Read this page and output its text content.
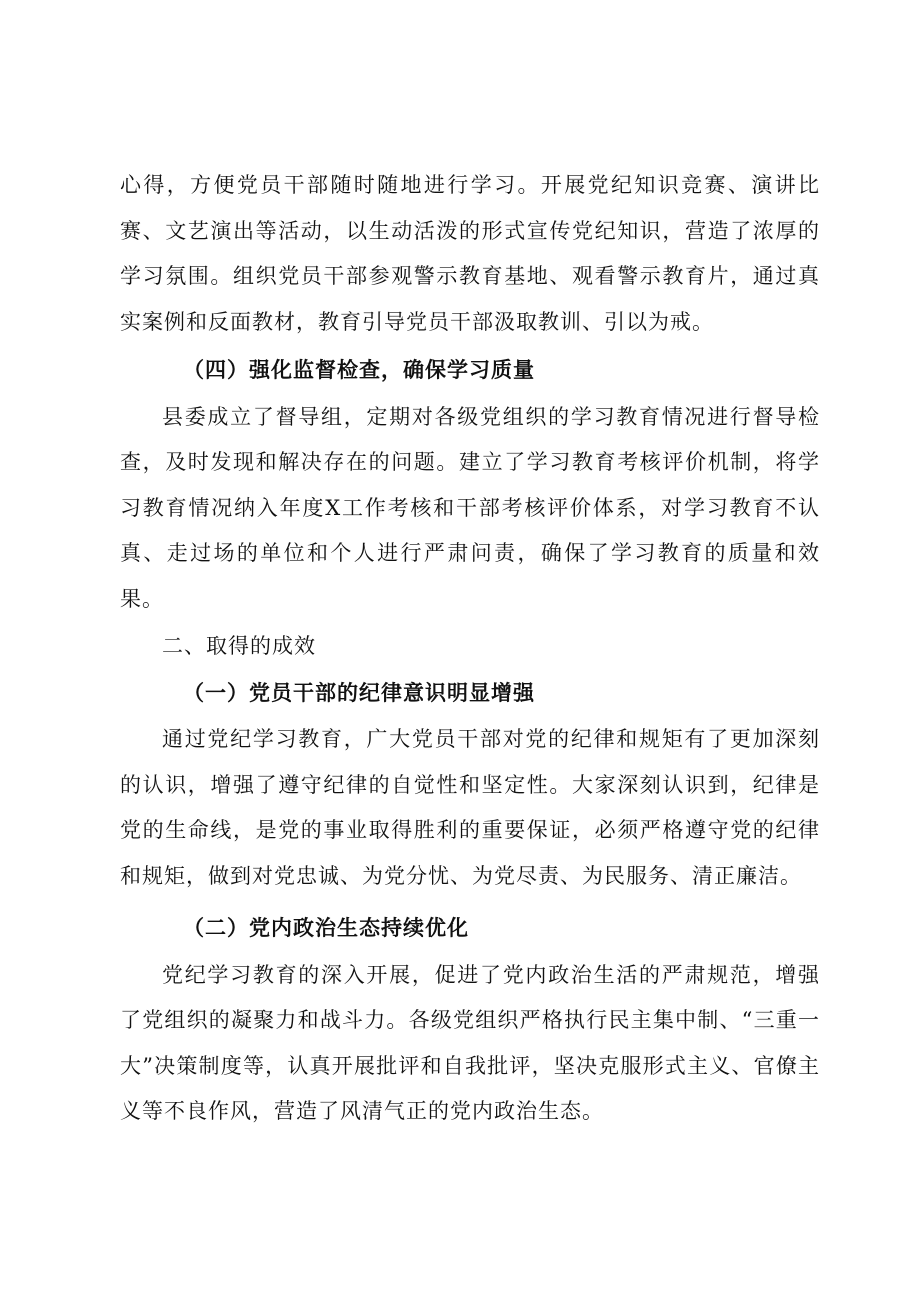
心得，方便党员干部随时随地进行学习。开展党纪知识竞赛、演讲比赛、文艺演出等活动，以生动活泼的形式宣传党纪知识，营造了浓厚的学习氛围。组织党员干部参观警示教育基地、观看警示教育片，通过真实案例和反面教材，教育引导党员干部汲取教训、引以为戒。

（四）强化监督检查，确保学习质量

县委成立了督导组，定期对各级党组织的学习教育情况进行督导检查，及时发现和解决存在的问题。建立了学习教育考核评价机制，将学习教育情况纳入年度X工作考核和干部考核评价体系，对学习教育不认真、走过场的单位和个人进行严肃问责，确保了学习教育的质量和效果。

二、取得的成效

（一）党员干部的纪律意识明显增强

通过党纪学习教育，广大党员干部对党的纪律和规矩有了更加深刻的认识，增强了遵守纪律的自觉性和坚定性。大家深刻认识到，纪律是党的生命线，是党的事业取得胜利的重要保证，必须严格遵守党的纪律和规矩，做到对党忠诚、为党分忧、为党尽责、为民服务、清正廉洁。

（二）党内政治生态持续优化

党纪学习教育的深入开展，促进了党内政治生活的严肃规范，增强了党组织的凝聚力和战斗力。各级党组织严格执行民主集中制、“三重一大”决策制度等，认真开展批评和自我批评，坚决克服形式主义、官僚主义等不良作风，营造了风清气正的党内政治生态。
